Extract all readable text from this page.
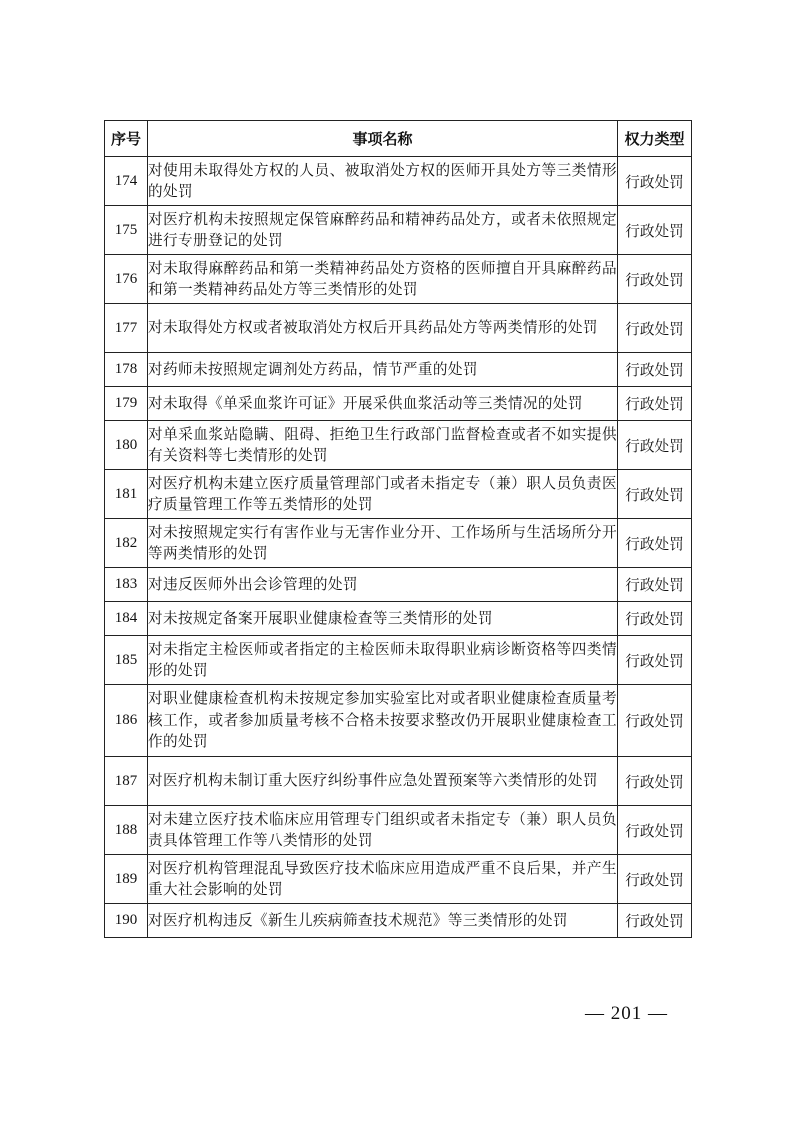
序号	事项名称	权力类型
174	对使用未取得处方权的人员、被取消处方权的医师开具处方等三类情形的处罚	行政处罚
175	对医疗机构未按照规定保管麻醉药品和精神药品处方，或者未依照规定进行专册登记的处罚	行政处罚
176	对未取得麻醉药品和第一类精神药品处方资格的医师擅自开具麻醉药品和第一类精神药品处方等三类情形的处罚	行政处罚
177	对未取得处方权或者被取消处方权后开具药品处方等两类情形的处罚	行政处罚
178	对药师未按照规定调剂处方药品，情节严重的处罚	行政处罚
179	对未取得《单采血浆许可证》开展采供血浆活动等三类情况的处罚	行政处罚
180	对单采血浆站隐瞒、阻碍、拒绝卫生行政部门监督检查或者不如实提供有关资料等七类情形的处罚	行政处罚
181	对医疗机构未建立医疗质量管理部门或者未指定专（兼）职人员负责医疗质量管理工作等五类情形的处罚	行政处罚
182	对未按照规定实行有害作业与无害作业分开、工作场所与生活场所分开等两类情形的处罚	行政处罚
183	对违反医师外出会诊管理的处罚	行政处罚
184	对未按规定备案开展职业健康检查等三类情形的处罚	行政处罚
185	对未指定主检医师或者指定的主检医师未取得职业病诊断资格等四类情形的处罚	行政处罚
186	对职业健康检查机构未按规定参加实验室比对或者职业健康检查质量考核工作，或者参加质量考核不合格未按要求整改仍开展职业健康检查工作的处罚	行政处罚
187	对医疗机构未制订重大医疗纠纷事件应急处置预案等六类情形的处罚	行政处罚
188	对未建立医疗技术临床应用管理专门组织或者未指定专（兼）职人员负责具体管理工作等八类情形的处罚	行政处罚
189	对医疗机构管理混乱导致医疗技术临床应用造成严重不良后果，并产生重大社会影响的处罚	行政处罚
190	对医疗机构违反《新生儿疾病筛查技术规范》等三类情形的处罚	行政处罚
— 201 —
